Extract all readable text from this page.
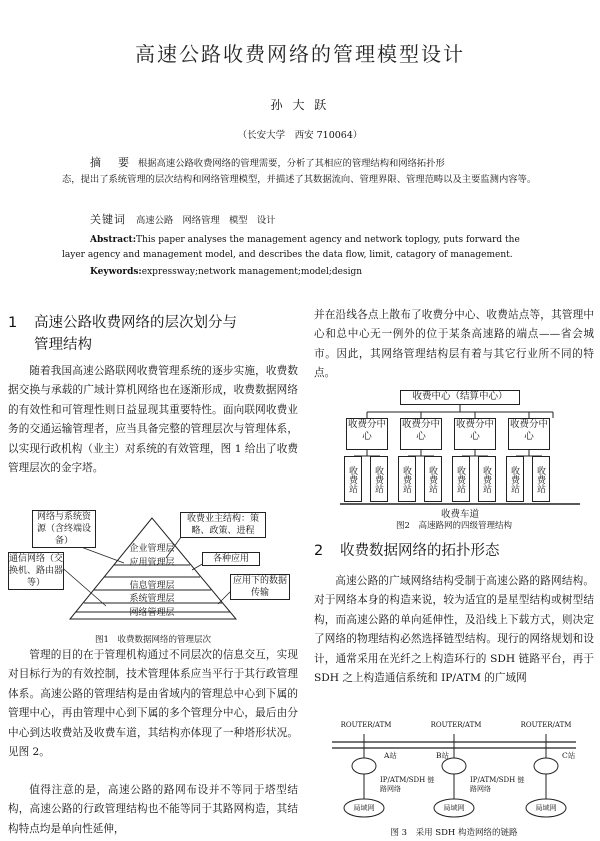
高速公路收费网络的管理模型设计
孙 大 跃
（长安大学　西安 710064）
摘　要 根据高速公路收费网络的管理需要，分析了其相应的管理结构和网络拓扑形
态，提出了系统管理的层次结构和网络管理模型，并描述了其数据流向、管理界限、管理范畴以及主要监测内容等。
关键词 高速公路　网络管理　模型　设计
Abstract:This paper analyses the management agency and network toplogy, puts forward the layer agency and management model, and describes the data flow, limit, catagory of management.
Keywords:expressway;network management;model;design
1 高速公路收费网络的层次划分与
管理结构
随着我国高速公路联网收费管理系统的逐步实施，收费数据交换与承载的广域计算机网络也在逐渐形成，收费数据网络的有效性和可管理性则日益显现其重要特性。面向联网收费业务的交通运输管理者，应当具备完整的管理层次与管理体系，以实现行政机构（业主）对系统的有效管理，图 1 给出了收费管理层次的金字塔。
企业管理层
应用管理层
信息管理层
系统管理层
网络管理层
网络与系统资源（含终端设备）
通信网络（交换机、路由器等）
收费业主结构：策略、政策、进程
各种应用
应用下的数据传输
图1　收费数据网络的管理层次
管理的目的在于管理机构通过不同层次的信息交互，实现对目标行为的有效控制，技术管理体系应当平行于其行政管理体系。高速公路的管理结构是由省域内的管理总中心到下属的管理中心，再由管理中心到下属的多个管理分中心，最后由分中心到达收费站及收费车道，其结构亦体现了一种塔形状况。见图 2。
值得注意的是，高速公路的路网布设并不等同于塔型结构，高速公路的行政管理结构也不能等同于其路网构造，其结构特点均是单向性延伸，
并在沿线各点上散布了收费分中心、收费站点等，其管理中心和总中心无一例外的位于某条高速路的端点——省会城市。因此，其网络管理结构层有着与其它行业所不同的特点。
收费中心（结算中心）
收费分中心
收费分中心
收费分中心
收费分中心
收费站	收费站	收费站	收费站	收费站	收费站	收费站	收费站
收费车道
图2　高速路网的四级管理结构
2 收费数据网络的拓扑形态
高速公路的广域网络结构受制于高速公路的路网结构。对于网络本身的构造来说，较为适宜的是星型结构或树型结构，而高速公路的单向延伸性，及沿线上下载方式，则决定了网络的物理结构必然选择链型结构。现行的网络规划和设计，通常采用在光纤之上构造环行的 SDH 链路平台，再于 SDH 之上构造通信系统和 IP/ATM 的广域网
ROUTER/ATM	ROUTER/ATM	ROUTER/ATM
A站	B站	C站
IP/ATM/SDH 链路网络
IP/ATM/SDH 链路网络
局域网	局域网	局域网
图 3　采用 SDH 构造网络的链路
